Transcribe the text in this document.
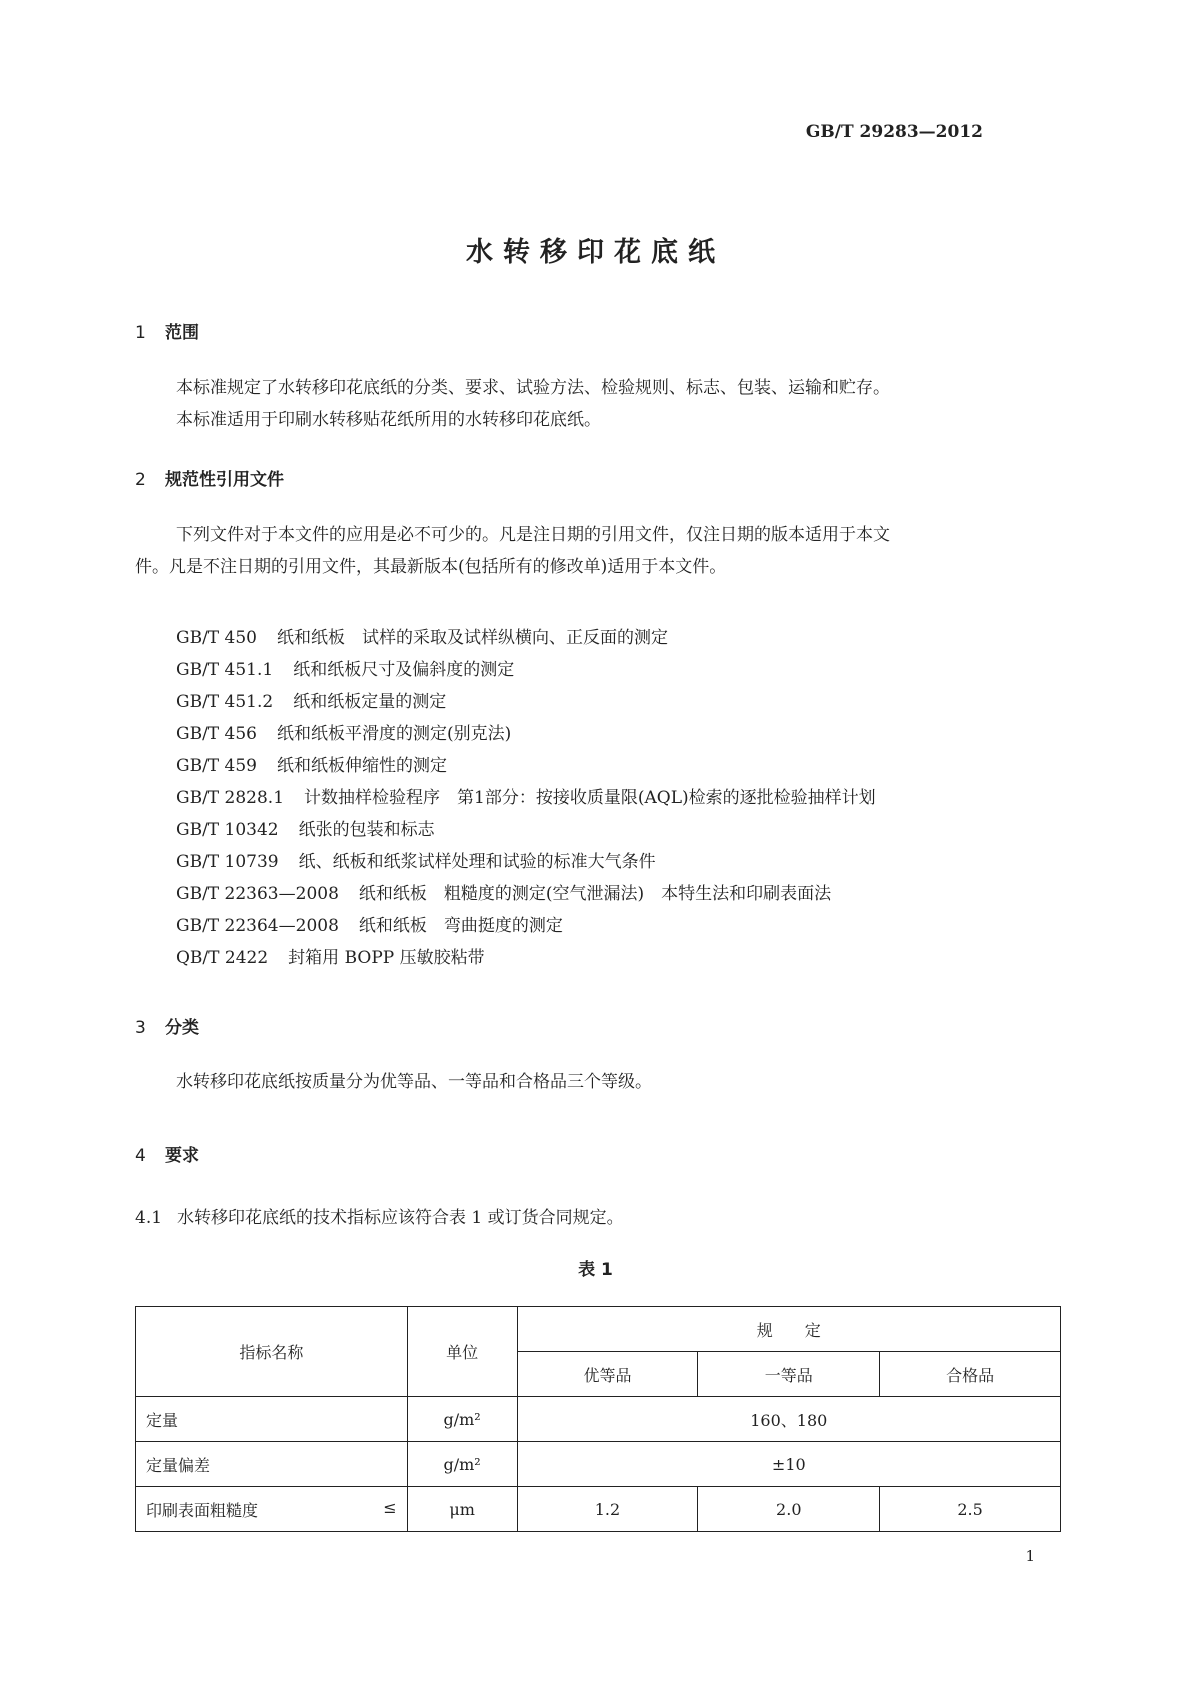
GB/T 29283—2012
水转移印花底纸
1 范围

本标准规定了水转移印花底纸的分类、要求、试验方法、检验规则、标志、包装、运输和贮存。

本标准适用于印刷水转移贴花纸所用的水转移印花底纸。

2 规范性引用文件

下列文件对于本文件的应用是必不可少的。凡是注日期的引用文件，仅注日期的版本适用于本文

件。凡是不注日期的引用文件，其最新版本(包括所有的修改单)适用于本文件。

GB/T 450 纸和纸板　试样的采取及试样纵横向、正反面的测定
GB/T 451.1 纸和纸板尺寸及偏斜度的测定
GB/T 451.2 纸和纸板定量的测定
GB/T 456 纸和纸板平滑度的测定(别克法)
GB/T 459 纸和纸板伸缩性的测定
GB/T 2828.1 计数抽样检验程序　第1部分：按接收质量限(AQL)检索的逐批检验抽样计划
GB/T 10342 纸张的包装和标志
GB/T 10739 纸、纸板和纸浆试样处理和试验的标准大气条件
GB/T 22363—2008 纸和纸板　粗糙度的测定(空气泄漏法)　本特生法和印刷表面法
GB/T 22364—2008 纸和纸板　弯曲挺度的测定
QB/T 2422 封箱用 BOPP 压敏胶粘带
3 分类

水转移印花底纸按质量分为优等品、一等品和合格品三个等级。

4 要求
4.1 水转移印花底纸的技术指标应该符合表 1 或订货合同规定。
表 1
指标名称	单位	规　　定		
		优等品	一等品	合格品
定量	g/m²	160、180		
定量偏差	g/m²	±10		
印刷表面粗糙度 ≤	μm	1.2	2.0	2.5
1
